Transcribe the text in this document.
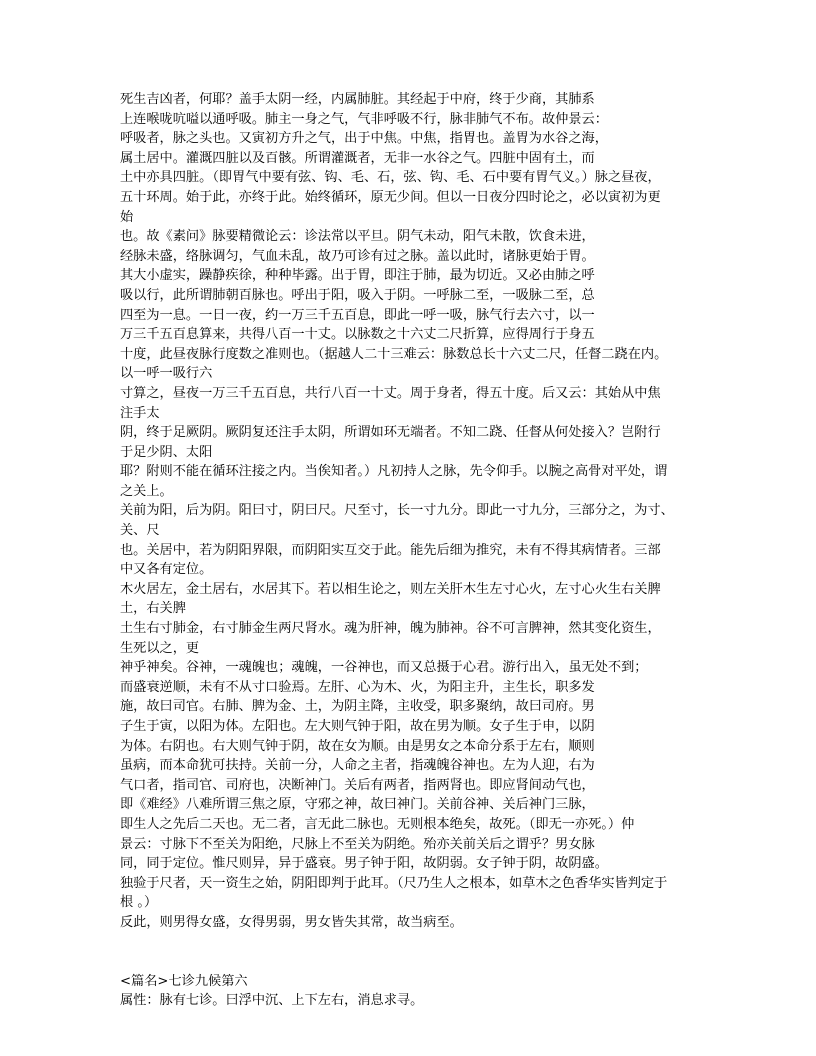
死生吉凶者，何耶？盖手太阴一经，内属肺脏。其经起于中府，终于少商，其肺系
上连喉咙吭嗌以通呼吸。肺主一身之气，气非呼吸不行，脉非肺气不布。故仲景云：
呼吸者，脉之头也。又寅初方升之气，出于中焦。中焦，指胃也。盖胃为水谷之海，
属土居中。灌溉四脏以及百骸。所谓灌溉者，无非一水谷之气。四脏中固有土，而
土中亦具四脏。（即胃气中要有弦、钩、毛、石，弦、钩、毛、石中要有胃气义。）脉之昼夜，
五十环周。始于此，亦终于此。始终循环，原无少间。但以一日夜分四时论之，必以寅初为更
始
也。故《素问》脉要精微论云：诊法常以平旦。阴气未动，阳气未散，饮食未进，
经脉未盛，络脉调匀，气血未乱，故乃可诊有过之脉。盖以此时，诸脉更始于胃。
其大小虚实，躁静疾徐，种种毕露。出于胃，即注于肺，最为切近。又必由肺之呼
吸以行，此所谓肺朝百脉也。呼出于阳，吸入于阴。一呼脉二至，一吸脉二至，总
四至为一息。一日一夜，约一万三千五百息，即此一呼一吸，脉气行去六寸，以一
万三千五百息算来，共得八百一十丈。以脉数之十六丈二尺折算，应得周行于身五
十度，此昼夜脉行度数之准则也。（据越人二十三难云：脉数总长十六丈二尺，任督二跷在内。
以一呼一吸行六
寸算之，昼夜一万三千五百息，共行八百一十丈。周于身者，得五十度。后又云：其始从中焦
注手太
阴，终于足厥阴。厥阴复还注手太阴，所谓如环无端者。不知二跷、任督从何处接入？岂附行
于足少阴、太阳
耶？附则不能在循环注接之内。当俟知者。）凡初持人之脉，先令仰手。以腕之高骨对平处，谓
之关上。
关前为阳，后为阴。阳曰寸，阴曰尺。尺至寸，长一寸九分。即此一寸九分，三部分之，为寸、
关、尺
也。关居中，若为阴阳界限，而阴阳实互交于此。能先后细为推究，未有不得其病情者。三部
中又各有定位。
木火居左，金土居右，水居其下。若以相生论之，则左关肝木生左寸心火，左寸心火生右关脾
土，右关脾
土生右寸肺金，右寸肺金生两尺肾水。魂为肝神，魄为肺神。谷不可言脾神，然其变化资生，
生死以之，更
神乎神矣。谷神，一魂魄也；魂魄，一谷神也，而又总摄于心君。游行出入，虽无处不到；
而盛衰逆顺，未有不从寸口验焉。左肝、心为木、火，为阳主升，主生长，职多发
施，故曰司官。右肺、脾为金、土，为阴主降，主收受，职多聚纳，故曰司府。男
子生于寅，以阳为体。左阳也。左大则气钟于阳，故在男为顺。女子生于申，以阴
为体。右阴也。右大则气钟于阴，故在女为顺。由是男女之本命分系于左右，顺则
虽病，而本命犹可扶持。关前一分，人命之主者，指魂魄谷神也。左为人迎，右为
气口者，指司官、司府也，决断神门。关后有两者，指两肾也。即应肾间动气也，
即《难经》八难所谓三焦之原，守邪之神，故曰神门。关前谷神、关后神门三脉，
即生人之先后二天也。无二者，言无此二脉也。无则根本绝矣，故死。（即无一亦死。）仲
景云：寸脉下不至关为阳绝，尺脉上不至关为阴绝。殆亦关前关后之谓乎？男女脉
同，同于定位。惟尺则异，异于盛衰。男子钟于阳，故阴弱。女子钟于阴，故阴盛。
独验于尺者，天一资生之始，阴阳即判于此耳。（尺乃生人之根本，如草木之色香华实皆判定于
根 。）
反此，则男得女盛，女得男弱，男女皆失其常，故当病至。
<篇名>七诊九候第六
属性：脉有七诊。曰浮中沉、上下左右，消息求寻。
